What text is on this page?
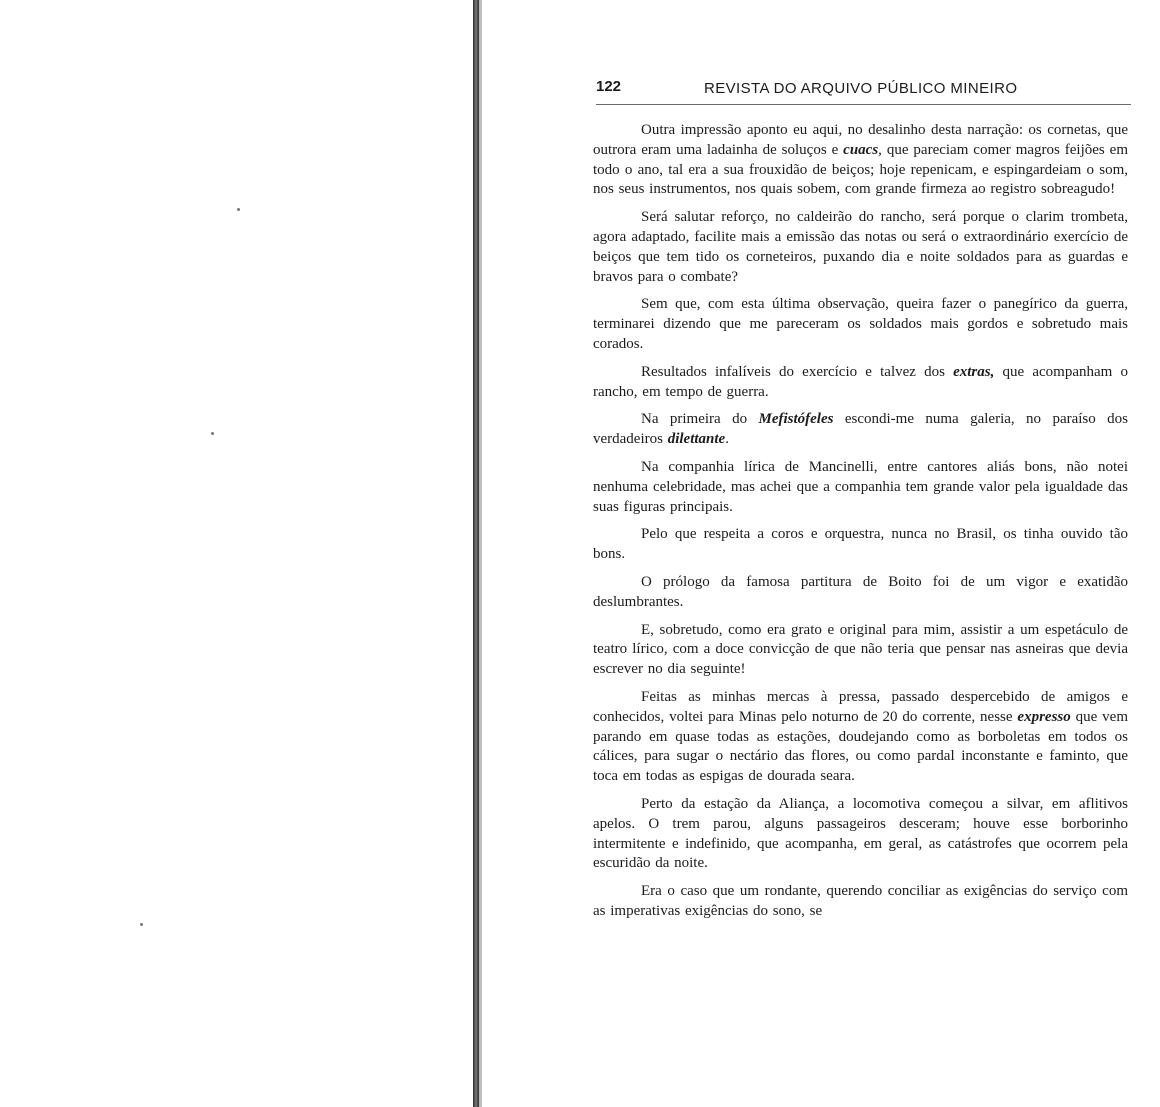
122	REVISTA DO ARQUIVO PÚBLICO MINEIRO

Outra impressão aponto eu aqui, no desalinho desta narração: os cornetas, que outrora eram uma ladainha de soluços e cuacs, que pareciam comer magros feijões em todo o ano, tal era a sua frouxidão de beiços; hoje repenicam, e espingardeiam o som, nos seus instrumentos, nos quais sobem, com grande firmeza ao registro sobreagudo!

Será salutar reforço, no caldeirão do rancho, será porque o clarim trombeta, agora adaptado, facilite mais a emissão das notas ou será o extraordinário exercício de beiços que tem tido os corneteiros, puxando dia e noite soldados para as guardas e bravos para o combate?

Sem que, com esta última observação, queira fazer o panegírico da guerra, terminarei dizendo que me pareceram os soldados mais gordos e sobretudo mais corados.

Resultados infalíveis do exercício e talvez dos extras, que acompanham o rancho, em tempo de guerra.

Na primeira do Mefistófeles escondi-me numa galeria, no paraíso dos verdadeiros dilettante.

Na companhia lírica de Mancinelli, entre cantores aliás bons, não notei nenhuma celebridade, mas achei que a companhia tem grande valor pela igualdade das suas figuras principais.

Pelo que respeita a coros e orquestra, nunca no Brasil, os tinha ouvido tão bons.

O prólogo da famosa partitura de Boito foi de um vigor e exatidão deslumbrantes.

E, sobretudo, como era grato e original para mim, assistir a um espetáculo de teatro lírico, com a doce convicção de que não teria que pensar nas asneiras que devia escrever no dia seguinte!

Feitas as minhas mercas à pressa, passado despercebido de amigos e conhecidos, voltei para Minas pelo noturno de 20 do corrente, nesse expresso que vem parando em quase todas as estações, doudejando como as borboletas em todos os cálices, para sugar o nectário das flores, ou como pardal inconstante e faminto, que toca em todas as espigas de dourada seara.

Perto da estação da Aliança, a locomotiva começou a silvar, em aflitivos apelos. O trem parou, alguns passageiros desceram; houve esse borborinho intermitente e indefinido, que acompanha, em geral, as catástrofes que ocorrem pela escuridão da noite.

Era o caso que um rondante, querendo conciliar as exigências do serviço com as imperativas exigências do sono, se
